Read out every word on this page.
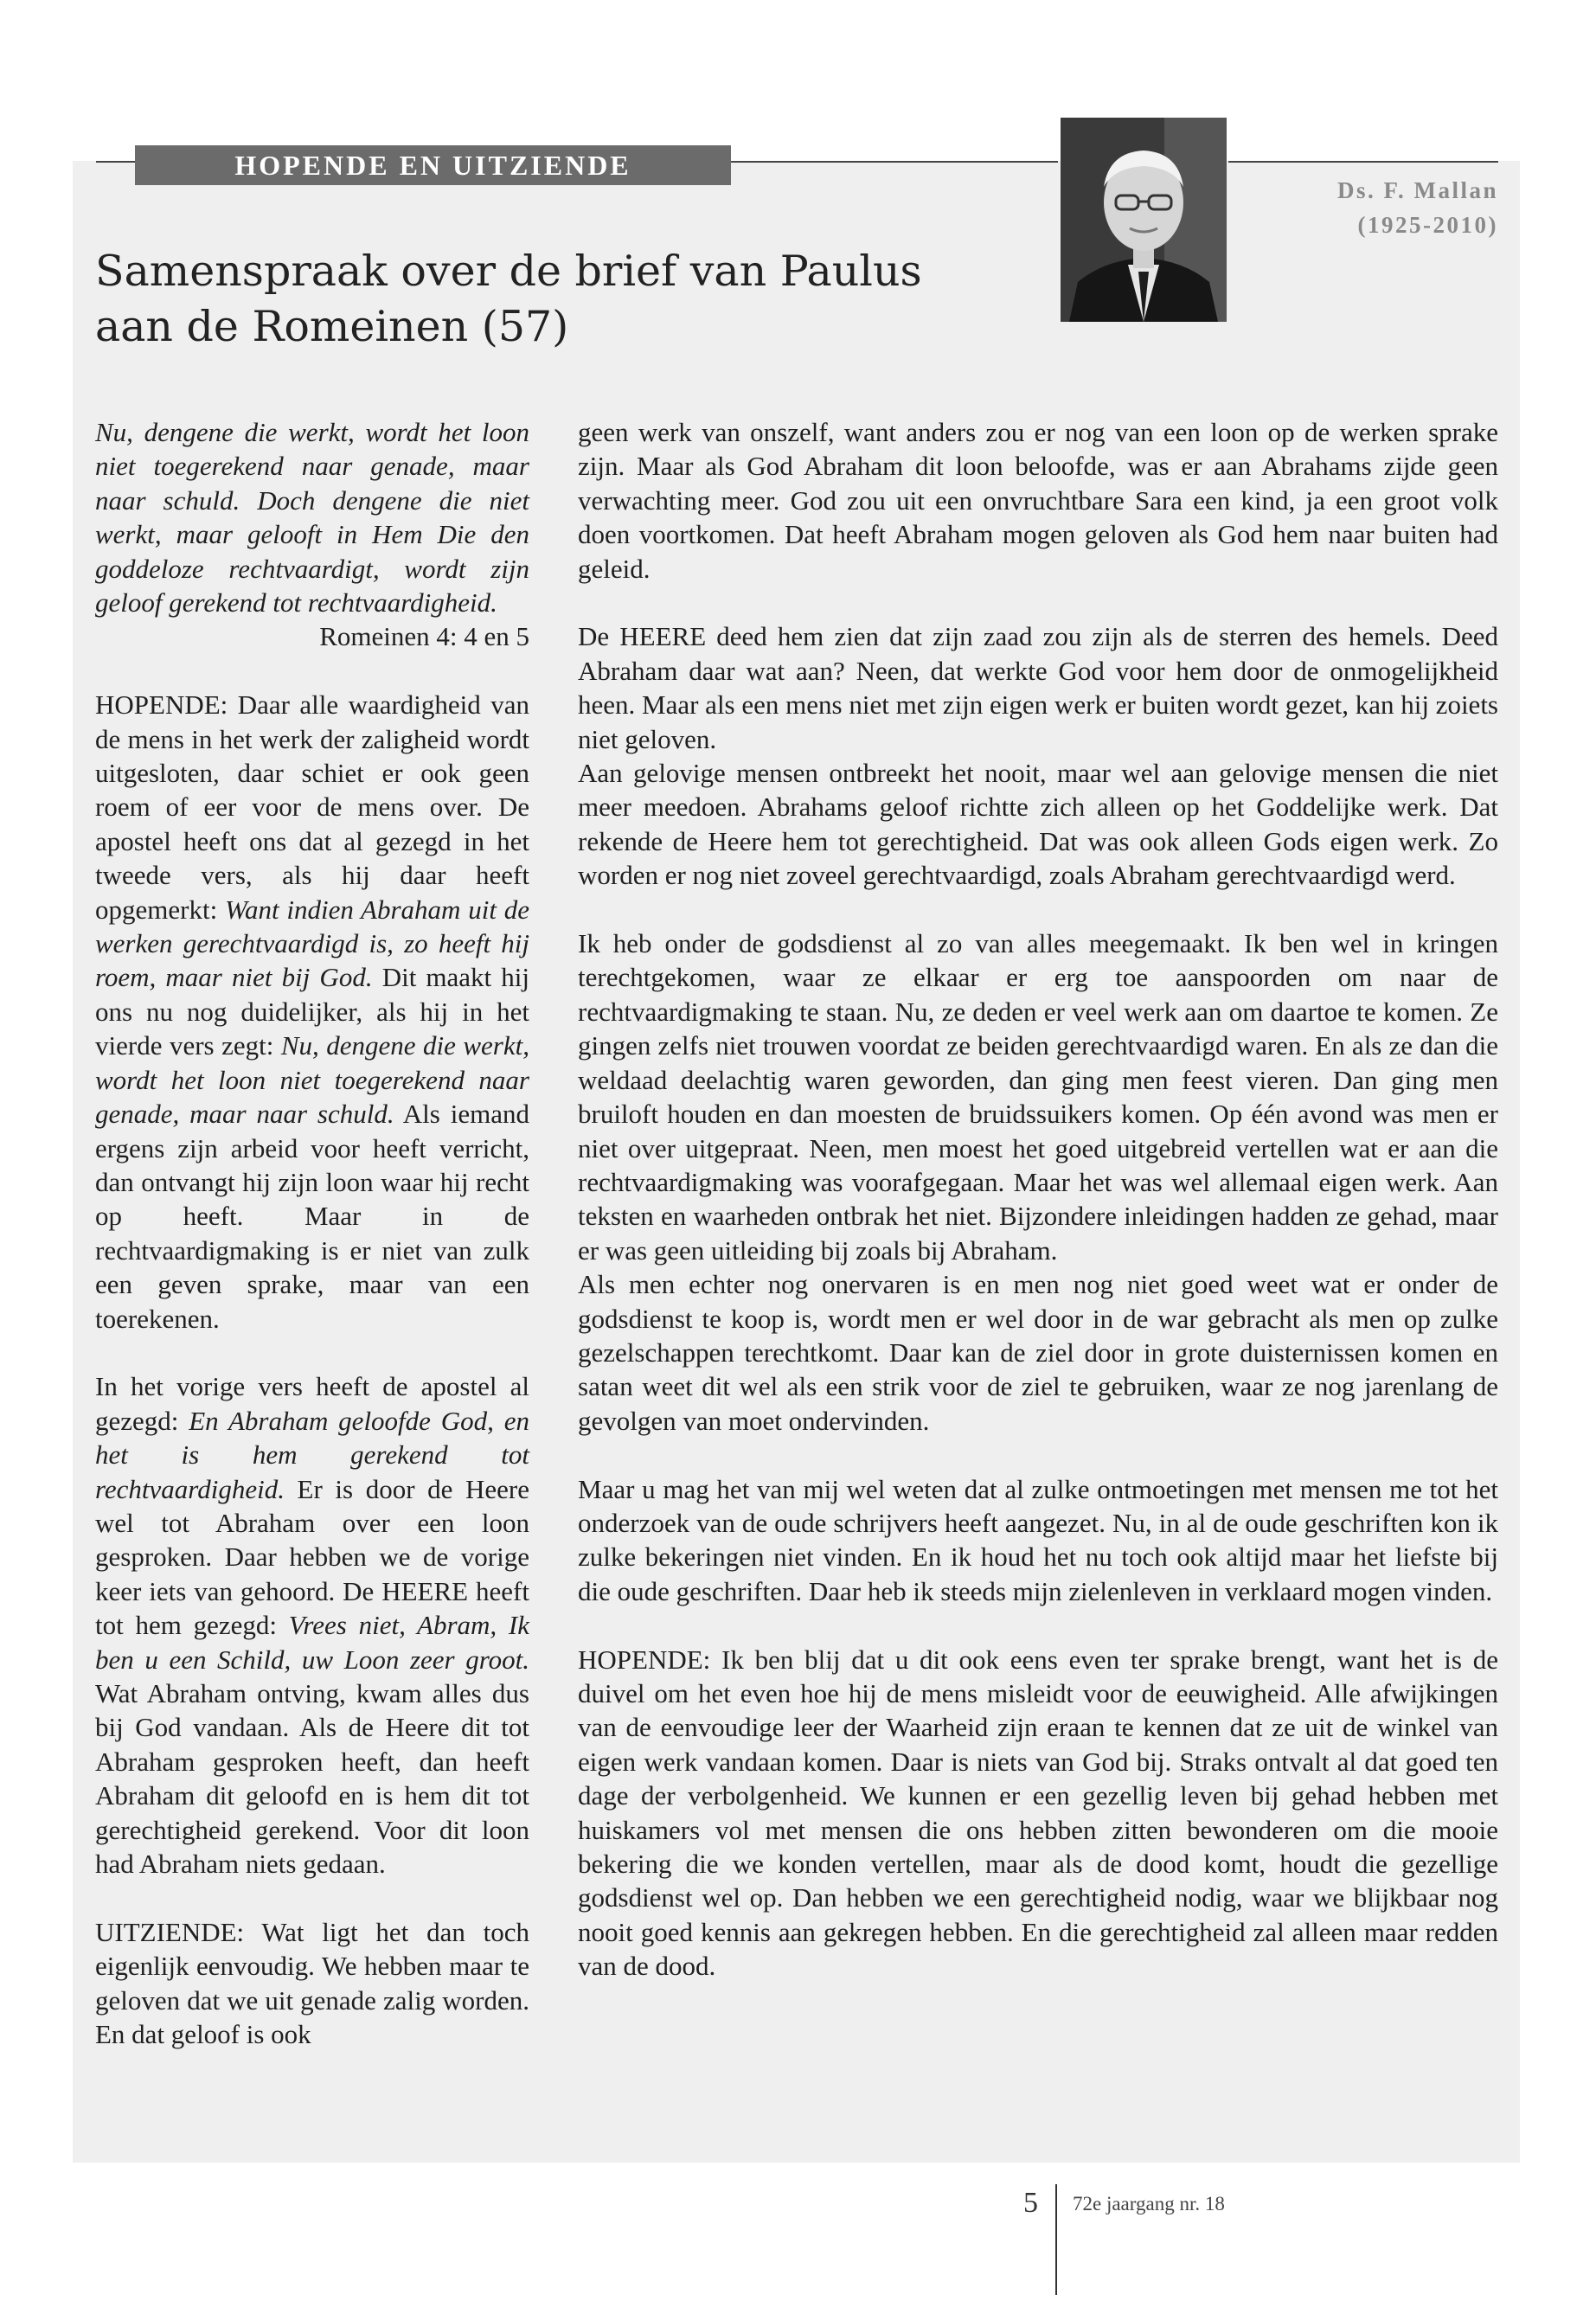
HOPENDE EN UITZIENDE
Ds. F. Mallan
(1925-2010)
Samenspraak over de brief van Paulus
aan de Romeinen (57)

Nu, dengene die werkt, wordt het loon niet toegerekend naar genade, maar naar schuld. Doch dengene die niet werkt, maar gelooft in Hem Die den goddeloze rechtvaardigt, wordt zijn geloof gerekend tot rechtvaardigheid.

Romeinen 4: 4 en 5

HOPENDE: Daar alle waardigheid van de mens in het werk der zaligheid wordt uitgesloten, daar schiet er ook geen roem of eer voor de mens over. De apostel heeft ons dat al gezegd in het tweede vers, als hij daar heeft opgemerkt: Want indien Abraham uit de werken gerechtvaardigd is, zo heeft hij roem, maar niet bij God. Dit maakt hij ons nu nog duidelijker, als hij in het vierde vers zegt: Nu, dengene die werkt, wordt het loon niet toegerekend naar genade, maar naar schuld. Als iemand ergens zijn arbeid voor heeft verricht, dan ontvangt hij zijn loon waar hij recht op heeft. Maar in de rechtvaardigmaking is er niet van zulk een geven sprake, maar van een toerekenen.

In het vorige vers heeft de apostel al gezegd: En Abraham geloofde God, en het is hem gerekend tot rechtvaardigheid. Er is door de Heere wel tot Abraham over een loon gesproken. Daar hebben we de vorige keer iets van gehoord. De HEERE heeft tot hem gezegd: Vrees niet, Abram, Ik ben u een Schild, uw Loon zeer groot. Wat Abraham ontving, kwam alles dus bij God vandaan. Als de Heere dit tot Abraham gesproken heeft, dan heeft Abraham dit geloofd en is hem dit tot gerechtigheid gerekend. Voor dit loon had Abraham niets gedaan.

UITZIENDE: Wat ligt het dan toch eigenlijk eenvoudig. We hebben maar te geloven dat we uit genade zalig worden. En dat geloof is ook

geen werk van onszelf, want anders zou er nog van een loon op de werken sprake zijn. Maar als God Abraham dit loon beloofde, was er aan Abrahams zijde geen verwachting meer. God zou uit een onvruchtbare Sara een kind, ja een groot volk doen voortkomen. Dat heeft Abraham mogen geloven als God hem naar buiten had geleid.

De HEERE deed hem zien dat zijn zaad zou zijn als de sterren des hemels. Deed Abraham daar wat aan? Neen, dat werkte God voor hem door de onmogelijkheid heen. Maar als een mens niet met zijn eigen werk er buiten wordt gezet, kan hij zoiets niet geloven.

Aan gelovige mensen ontbreekt het nooit, maar wel aan gelovige mensen die niet meer meedoen. Abrahams geloof richtte zich alleen op het Goddelijke werk. Dat rekende de Heere hem tot gerechtigheid. Dat was ook alleen Gods eigen werk. Zo worden er nog niet zoveel gerechtvaardigd, zoals Abraham gerechtvaardigd werd.

Ik heb onder de godsdienst al zo van alles meegemaakt. Ik ben wel in kringen terechtgekomen, waar ze elkaar er erg toe aanspoorden om naar de rechtvaardigmaking te staan. Nu, ze deden er veel werk aan om daartoe te komen. Ze gingen zelfs niet trouwen voordat ze beiden gerechtvaardigd waren. En als ze dan die weldaad deelachtig waren geworden, dan ging men feest vieren. Dan ging men bruiloft houden en dan moesten de bruidssuikers komen. Op één avond was men er niet over uitgepraat. Neen, men moest het goed uitgebreid vertellen wat er aan die rechtvaardigmaking was voorafgegaan. Maar het was wel allemaal eigen werk. Aan teksten en waarheden ontbrak het niet. Bijzondere inleidingen hadden ze gehad, maar er was geen uitleiding bij zoals bij Abraham.

Als men echter nog onervaren is en men nog niet goed weet wat er onder de godsdienst te koop is, wordt men er wel door in de war gebracht als men op zulke gezelschappen terechtkomt. Daar kan de ziel door in grote duisternissen komen en satan weet dit wel als een strik voor de ziel te gebruiken, waar ze nog jarenlang de gevolgen van moet ondervinden.

Maar u mag het van mij wel weten dat al zulke ontmoetingen met mensen me tot het onderzoek van de oude schrijvers heeft aangezet. Nu, in al de oude geschriften kon ik zulke bekeringen niet vinden. En ik houd het nu toch ook altijd maar het liefste bij die oude geschriften. Daar heb ik steeds mijn zielenleven in verklaard mogen vinden.

HOPENDE: Ik ben blij dat u dit ook eens even ter sprake brengt, want het is de duivel om het even hoe hij de mens misleidt voor de eeuwigheid. Alle afwijkingen van de eenvoudige leer der Waarheid zijn eraan te kennen dat ze uit de winkel van eigen werk vandaan komen. Daar is niets van God bij. Straks ontvalt al dat goed ten dage der verbolgenheid. We kunnen er een gezellig leven bij gehad hebben met huiskamers vol met mensen die ons hebben zitten bewonderen om die mooie bekering die we konden vertellen, maar als de dood komt, houdt die gezellige godsdienst wel op. Dan hebben we een gerechtigheid nodig, waar we blijkbaar nog nooit goed kennis aan gekregen hebben. En die gerechtigheid zal alleen maar redden van de dood.

5 72e jaargang nr. 18
